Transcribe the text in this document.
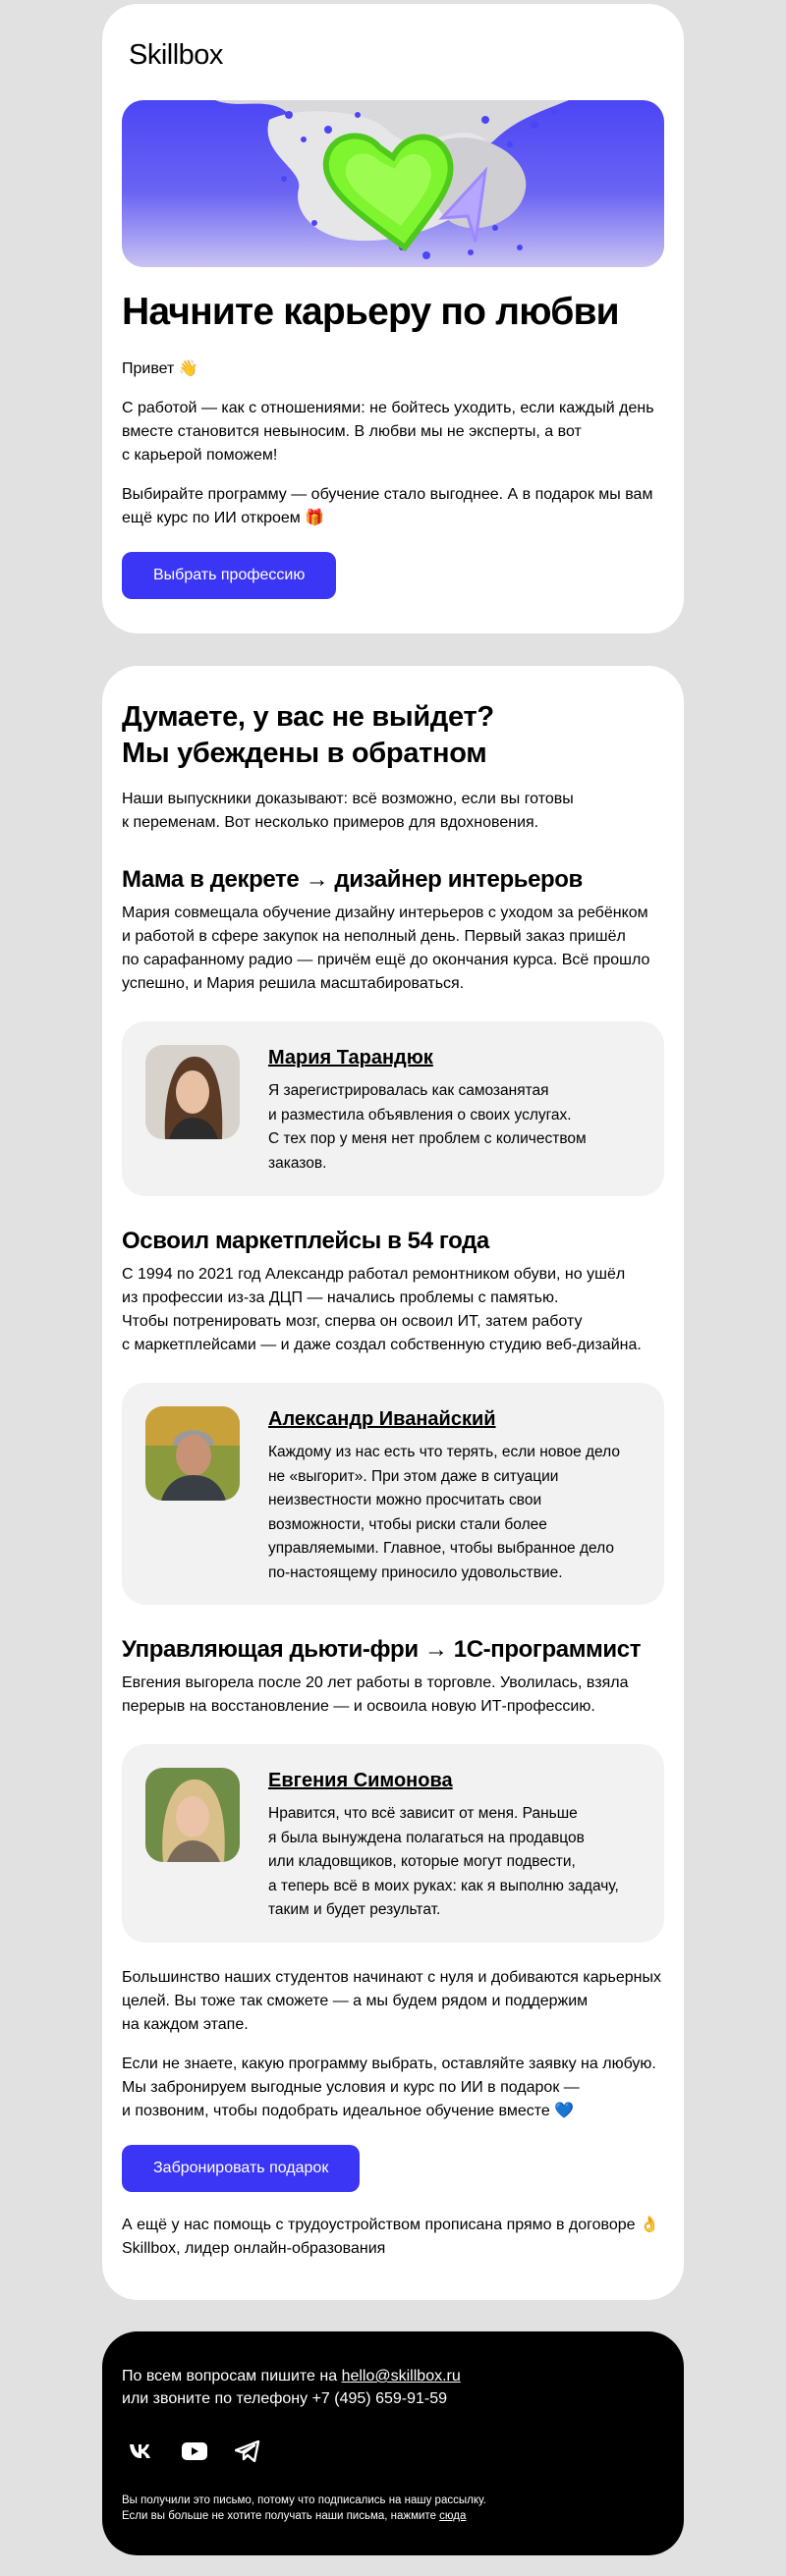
Skillbox
Начните карьеру по любви
Привет 👋
С работой — как с отношениями: не бойтесь уходить, если каждый день
вместе становится невыносим. В любви мы не эксперты, а вот
с карьерой поможем!
Выбирайте программу — обучение стало выгоднее. А в подарок мы вам
ещё курс по ИИ откроем 🎁
Выбрать профессию
Думаете, у вас не выйдет?
Мы убеждены в обратном
Наши выпускники доказывают: всё возможно, если вы готовы
к переменам. Вот несколько примеров для вдохновения.
Мама в декрете → дизайнер интерьеров
Мария совмещала обучение дизайну интерьеров с уходом за ребёнком
и работой в сфере закупок на неполный день. Первый заказ пришёл
по сарафанному радио — причём ещё до окончания курса. Всё прошло
успешно, и Мария решила масштабироваться.
Мария Тарандюк
Я зарегистрировалась как самозанятая
и разместила объявления о своих услугах.
С тех пор у меня нет проблем с количеством
заказов.
Освоил маркетплейсы в 54 года
С 1994 по 2021 год Александр работал ремонтником обуви, но ушёл
из профессии из-за ДЦП — начались проблемы с памятью.
Чтобы потренировать мозг, сперва он освоил ИТ, затем работу
с маркетплейсами — и даже создал собственную студию веб-дизайна.
Александр Иванайский
Каждому из нас есть что терять, если новое дело
не «выгорит». При этом даже в ситуации
неизвестности можно просчитать свои
возможности, чтобы риски стали более
управляемыми. Главное, чтобы выбранное дело
по-настоящему приносило удовольствие.
Управляющая дьюти-фри → 1С-программист
Евгения выгорела после 20 лет работы в торговле. Уволилась, взяла
перерыв на восстановление — и освоила новую ИТ-профессию.
Евгения Симонова
Нравится, что всё зависит от меня. Раньше
я была вынуждена полагаться на продавцов
или кладовщиков, которые могут подвести,
а теперь всё в моих руках: как я выполню задачу,
таким и будет результат.
Большинство наших студентов начинают с нуля и добиваются карьерных
целей. Вы тоже так сможете — а мы будем рядом и поддержим
на каждом этапе.
Если не знаете, какую программу выбрать, оставляйте заявку на любую.
Мы забронируем выгодные условия и курс по ИИ в подарок —
и позвоним, чтобы подобрать идеальное обучение вместе 💙
Забронировать подарок
А ещё у нас помощь с трудоустройством прописана прямо в договоре 👌
Skillbox, лидер онлайн-образования
По всем вопросам пишите на hello@skillbox.ru
или звоните по телефону +7 (495) 659-91-59
Вы получили это письмо, потому что подписались на нашу рассылку.
Если вы больше не хотите получать наши письма, нажмите сюда
